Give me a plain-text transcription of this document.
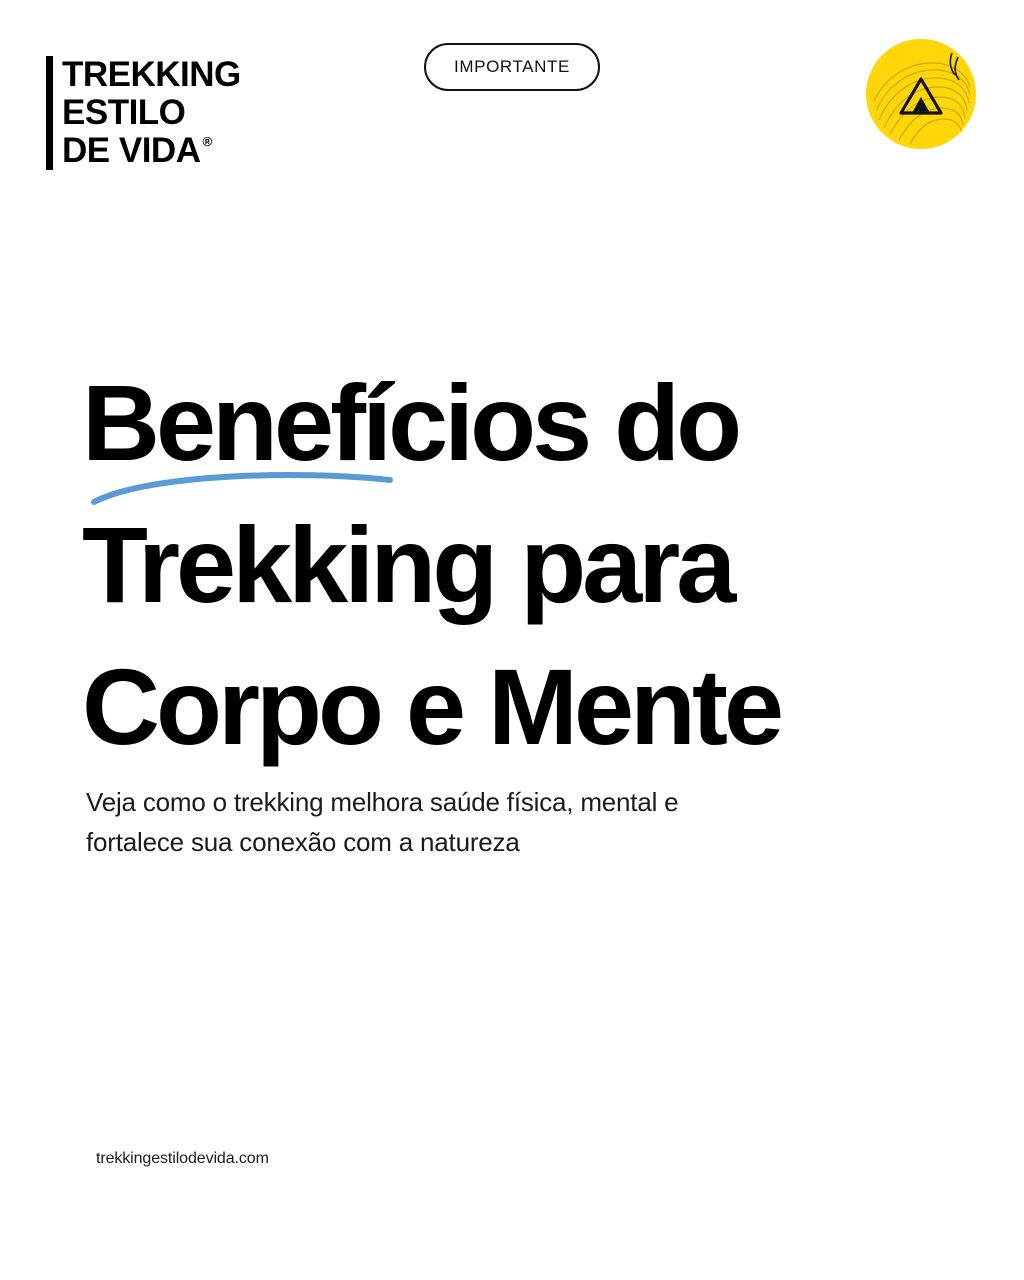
TREKKING
ESTILO
DE VIDA ®
IMPORTANTE
Benefícios do
Trekking para
Corpo e Mente
Veja como o trekking melhora saúde física, mental e
fortalece sua conexão com a natureza
trekkingestilodevida.com
